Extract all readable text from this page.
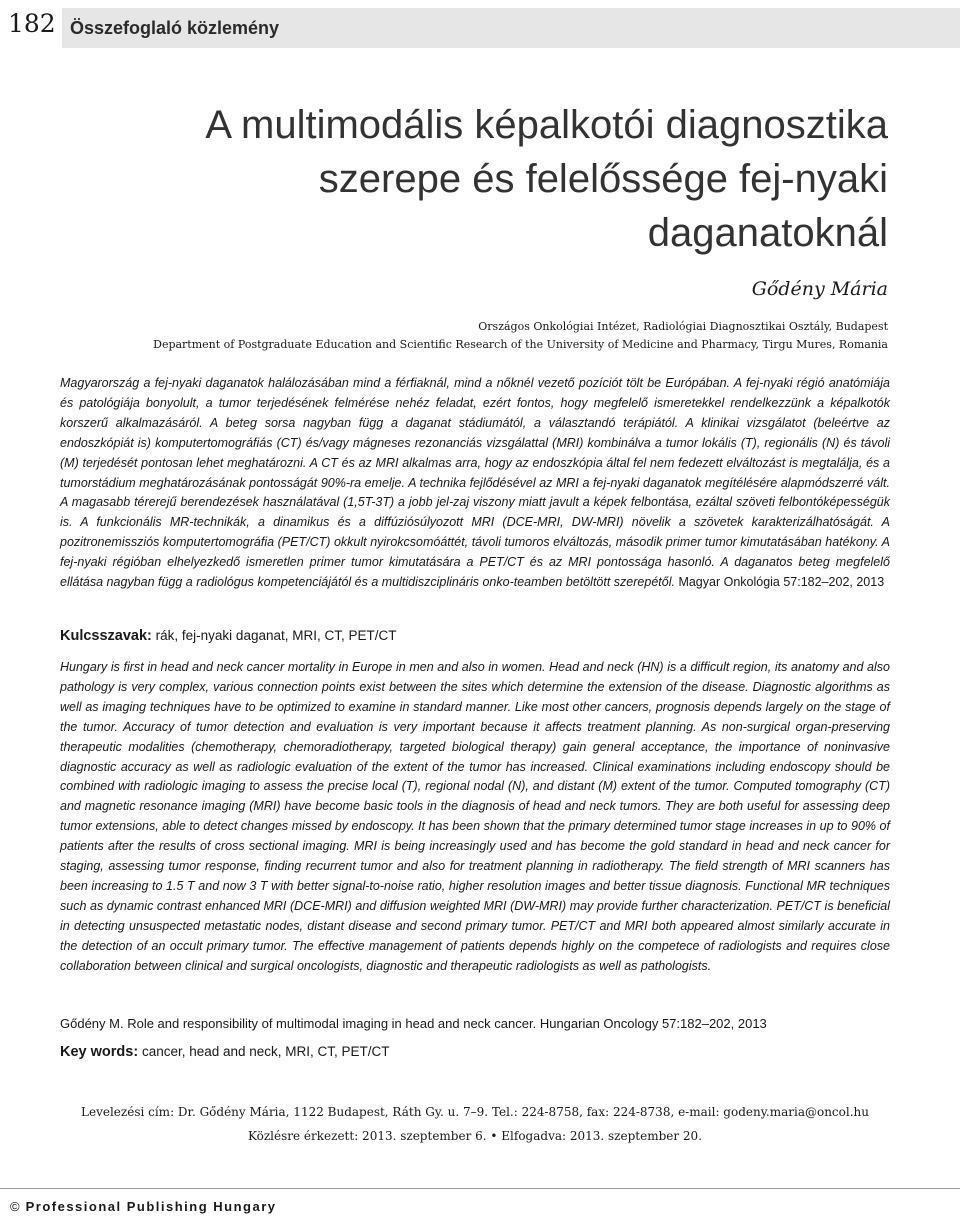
182 Összefoglaló közlemény
A multimodális képalkotói diagnosztika
szerepe és felelőssége fej-nyaki
daganatoknál
Gődény Mária
Országos Onkológiai Intézet, Radiológiai Diagnosztikai Osztály, Budapest
Department of Postgraduate Education and Scientific Research of the University of Medicine and Pharmacy, Tirgu Mures, Romania
Magyarország a fej-nyaki daganatok halálozásában mind a férfiaknál, mind a nőknél vezető pozíciót tölt be Európában. A fej-nyaki régió anatómiája és patológiája bonyolult, a tumor terjedésének felmérése nehéz feladat, ezért fontos, hogy megfelelő ismeretekkel rendelkezzünk a képalkotók korszerű alkalmazásáról. A beteg sorsa nagyban függ a daganat stádiumától, a választandó terápiától. A klinikai vizsgálatot (beleértve az endoszkópiát is) komputertomográfiás (CT) és/vagy mágneses rezonanciás vizsgálattal (MRI) kombinálva a tumor lokális (T), regionális (N) és távoli (M) terjedését pontosan lehet meghatározni. A CT és az MRI alkalmas arra, hogy az endoszkópia által fel nem fedezett elváltozást is megtalálja, és a tumorstádium meghatározásának pontosságát 90%-ra emelje. A technika fejlődésével az MRI a fej-nyaki daganatok megítélésére alapmódszerré vált. A magasabb térerejű berendezések használatával (1,5T-3T) a jobb jel-zaj viszony miatt javult a képek felbontása, ezáltal szöveti felbontóképességük is. A funkcionális MR-technikák, a dinamikus és a diffúziósúlyozott MRI (DCE-MRI, DW-MRI) növelik a szövetek karakterizálhatóságát. A pozitronemissziós komputertomográfia (PET/CT) okkult nyirokcsomóáttét, távoli tumoros elváltozás, második primer tumor kimutatásában hatékony. A fej-nyaki régióban elhelyezkedő ismeretlen primer tumor kimutatására a PET/CT és az MRI pontossága hasonló. A daganatos beteg megfelelő ellátása nagyban függ a radiológus kompetenciájától és a multidiszciplináris onko-teamben betöltött szerepétől. Magyar Onkológia 57:182–202, 2013
Kulcsszavak: rák, fej-nyaki daganat, MRI, CT, PET/CT
Hungary is first in head and neck cancer mortality in Europe in men and also in women. Head and neck (HN) is a difficult region, its anatomy and also pathology is very complex, various connection points exist between the sites which determine the extension of the disease. Diagnostic algorithms as well as imaging techniques have to be optimized to examine in standard manner. Like most other cancers, prognosis depends largely on the stage of the tumor. Accuracy of tumor detection and evaluation is very important because it affects treatment planning. As non-surgical organ-preserving therapeutic modalities (chemotherapy, chemoradiotherapy, targeted biological therapy) gain general acceptance, the importance of noninvasive diagnostic accuracy as well as radiologic evaluation of the extent of the tumor has increased. Clinical examinations including endoscopy should be combined with radiologic imaging to assess the precise local (T), regional nodal (N), and distant (M) extent of the tumor. Computed tomography (CT) and magnetic resonance imaging (MRI) have become basic tools in the diagnosis of head and neck tumors. They are both useful for assessing deep tumor extensions, able to detect changes missed by endoscopy. It has been shown that the primary determined tumor stage increases in up to 90% of patients after the results of cross sectional imaging. MRI is being increasingly used and has become the gold standard in head and neck cancer for staging, assessing tumor response, finding recurrent tumor and also for treatment planning in radiotherapy. The field strength of MRI scanners has been increasing to 1.5 T and now 3 T with better signal-to-noise ratio, higher resolution images and better tissue diagnosis. Functional MR techniques such as dynamic contrast enhanced MRI (DCE-MRI) and diffusion weighted MRI (DW-MRI) may provide further characterization. PET/CT is beneficial in detecting unsuspected metastatic nodes, distant disease and second primary tumor. PET/CT and MRI both appeared almost similarly accurate in the detection of an occult primary tumor. The effective management of patients depends highly on the competece of radiologists and requires close collaboration between clinical and surgical oncologists, diagnostic and therapeutic radiologists as well as pathologists.
Gődény M. Role and responsibility of multimodal imaging in head and neck cancer. Hungarian Oncology 57:182–202, 2013
Key words: cancer, head and neck, MRI, CT, PET/CT
Levelezési cím: Dr. Gődény Mária, 1122 Budapest, Ráth Gy. u. 7–9. Tel.: 224-8758, fax: 224-8738, e-mail: godeny.maria@oncol.hu
Közlésre érkezett: 2013. szeptember 6. • Elfogadva: 2013. szeptember 20.
© Professional Publishing Hungary
